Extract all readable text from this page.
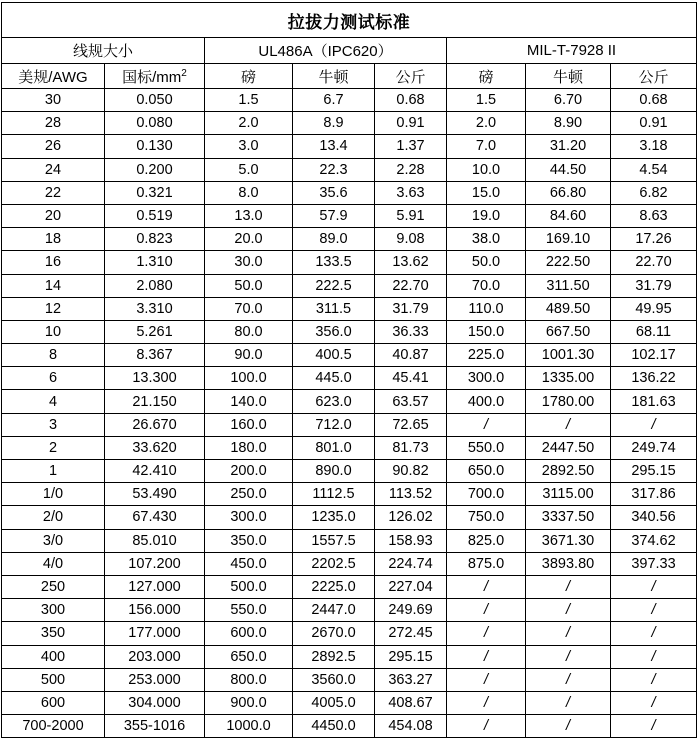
拉拔力测试标准							
线规大小		UL486A（IPC620）			MIL-T-7928 II		
美规/AWG	国标$/mm^2$	磅	牛顿	公斤	磅	牛顿	公斤
30	0.050	1.5	6.7	0.68	1.5	6.70	0.68
28	0.080	2.0	8.9	0.91	2.0	8.90	0.91
26	0.130	3.0	13.4	1.37	7.0	31.20	3.18
24	0.200	5.0	22.3	2.28	10.0	44.50	4.54
22	0.321	8.0	35.6	3.63	15.0	66.80	6.82
20	0.519	13.0	57.9	5.91	19.0	84.60	8.63
18	0.823	20.0	89.0	9.08	38.0	169.10	17.26
16	1.310	30.0	133.5	13.62	50.0	222.50	22.70
14	2.080	50.0	222.5	22.70	70.0	311.50	31.79
12	3.310	70.0	311.5	31.79	110.0	489.50	49.95
10	5.261	80.0	356.0	36.33	150.0	667.50	68.11
8	8.367	90.0	400.5	40.87	225.0	1001.30	102.17
6	13.300	100.0	445.0	45.41	300.0	1335.00	136.22
4	21.150	140.0	623.0	63.57	400.0	1780.00	181.63
3	26.670	160.0	712.0	72.65	/	/	/
2	33.620	180.0	801.0	81.73	550.0	2447.50	249.74
1	42.410	200.0	890.0	90.82	650.0	2892.50	295.15
1/0	53.490	250.0	1112.5	113.52	700.0	3115.00	317.86
2/0	67.430	300.0	1235.0	126.02	750.0	3337.50	340.56
3/0	85.010	350.0	1557.5	158.93	825.0	3671.30	374.62
4/0	107.200	450.0	2202.5	224.74	875.0	3893.80	397.33
250	127.000	500.0	2225.0	227.04	/	/	/
300	156.000	550.0	2447.0	249.69	/	/	/
350	177.000	600.0	2670.0	272.45	/	/	/
400	203.000	650.0	2892.5	295.15	/	/	/
500	253.000	800.0	3560.0	363.27	/	/	/
600	304.000	900.0	4005.0	408.67	/	/	/
700-2000	355-1016	1000.0	4450.0	454.08	/	/	/
